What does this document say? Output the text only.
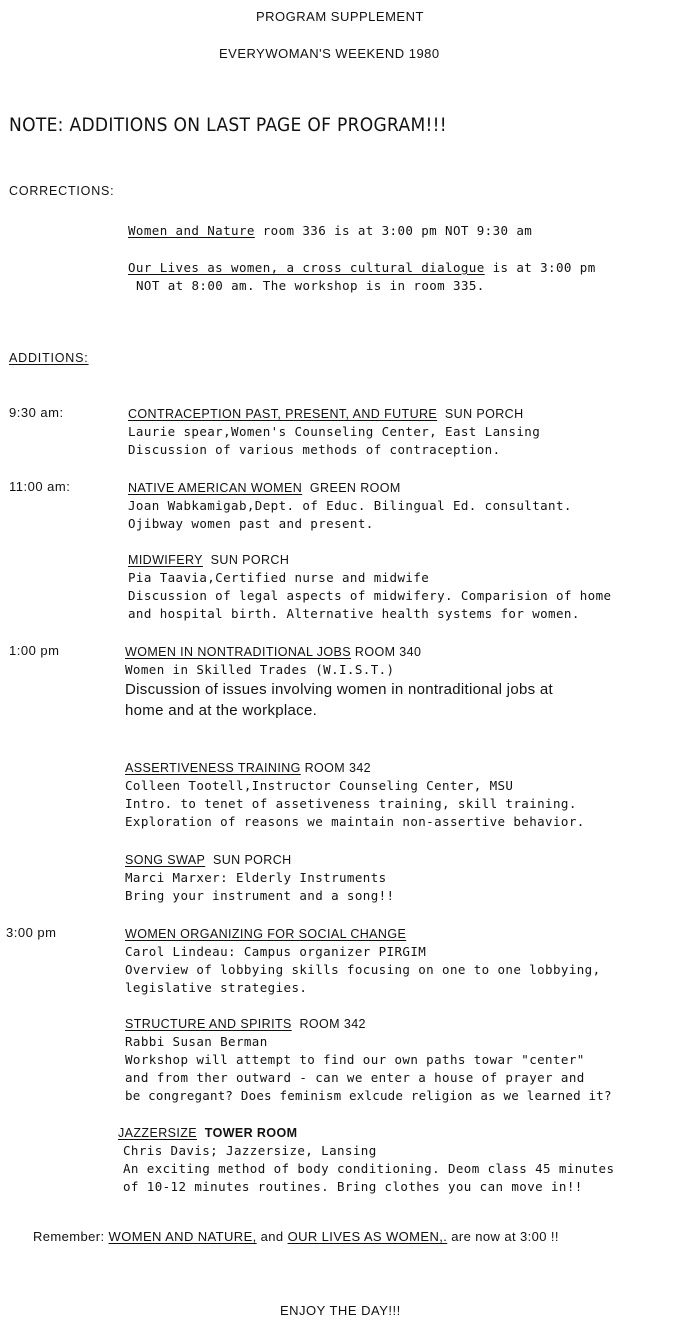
PROGRAM SUPPLEMENT
EVERYWOMAN'S WEEKEND 1980
NOTE: ADDITIONS ON LAST PAGE OF PROGRAM!!!
CORRECTIONS:
Women and Nature room 336 is at 3:00 pm NOT 9:30 am
Our Lives as women, a cross cultural dialogue is at 3:00 pm
NOT at 8:00 am. The workshop is in room 335.
ADDITIONS:
9:30 am:	CONTRACEPTION PAST, PRESENT, AND FUTURE SUN PORCH
Laurie spear,Women's Counseling Center, East Lansing
Discussion of various methods of contraception.
11:00 am:	NATIVE AMERICAN WOMEN GREEN ROOM
Joan Wabkamigab,Dept. of Educ. Bilingual Ed. consultant.
Ojibway women past and present.
MIDWIFERY SUN PORCH
Pia Taavia,Certified nurse and midwife
Discussion of legal aspects of midwifery. Comparision of home
and hospital birth. Alternative health systems for women.
1:00 pm	WOMEN IN NONTRADITIONAL JOBS ROOM 340
Women in Skilled Trades (W.I.S.T.)
Discussion of issues involving women in nontraditional jobs at
home and at the workplace.
ASSERTIVENESS TRAINING ROOM 342
Colleen Tootell,Instructor Counseling Center, MSU
Intro. to tenet of assetiveness training, skill training.
Exploration of reasons we maintain non-assertive behavior.
SONG SWAP SUN PORCH
Marci Marxer: Elderly Instruments
Bring your instrument and a song!!
3:00 pm	WOMEN ORGANIZING FOR SOCIAL CHANGE
Carol Lindeau: Campus organizer PIRGIM
Overview of lobbying skills focusing on one to one lobbying,
legislative strategies.
STRUCTURE AND SPIRITS ROOM 342
Rabbi Susan Berman
Workshop will attempt to find our own paths towar "center"
and from ther outward - can we enter a house of prayer and
be congregant? Does feminism exlcude religion as we learned it?
JAZZERSIZE TOWER ROOM
Chris Davis; Jazzersize, Lansing
An exciting method of body conditioning. Deom class 45 minutes
of 10-12 minutes routines. Bring clothes you can move in!!
Remember: WOMEN AND NATURE, and OUR LIVES AS WOMEN,. are now at 3:00 !!
ENJOY THE DAY!!!
